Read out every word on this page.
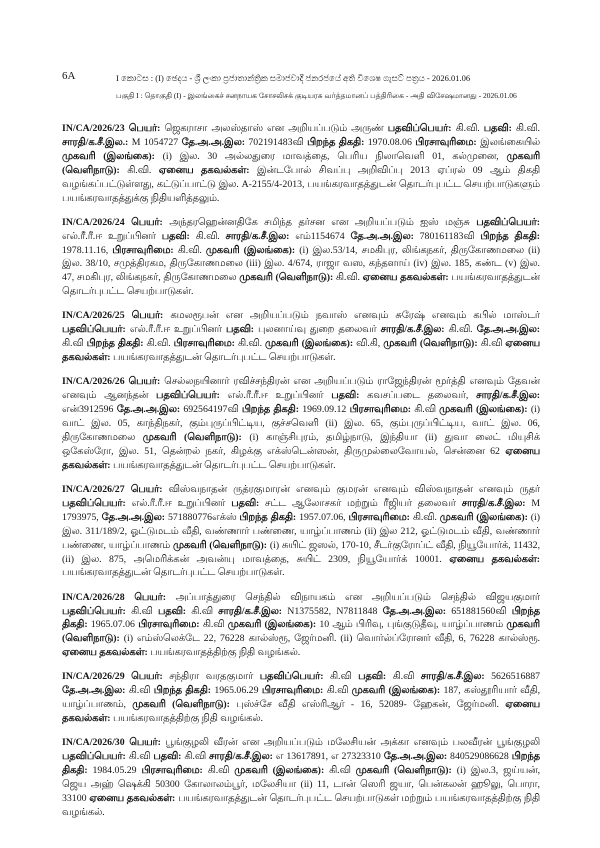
6A	I කොටස : (I) ඡෙදය - ශ්‍රී ලංකා ප්‍රජාතාන්ත්‍රික සමාජවාදී ජනරජයේ අති විශෙෂ ගැසට් පත්‍රය - 2026.01.06
பகுதி I : தொகுதி (I) - இலங்கைச் சனநாயக சோசலிசக் குடியரசு வர்த்தமானப் பத்திரிகை - அதி விசேஷமானது - 2026.01.06

IN/CA/2026/23 பெயர்: ஜெகராசா அலஸ்தாஸ் என அறியப்படும் அருண் பதவிப்பெயர்: கி.வி. பதவி: கி.வி. சாரதி/க.சீ.இல.: M 1054727 தே.அ.அ.இல: 702191483வி பிறந்த திகதி: 1970.08.06 பிரசாவுரிமை: இலங்கையில் முகவரி (இலங்கை): (i) இல. 30 அல்லதுரை மாவத்தை, பெரிய நிலாவெளி 01, கல்முனை, முகவரி (வெளிநாடு): கி.வி. ஏனைய தகவல்கள்: இன்டபோல் சிவப்பு அறிவிப்பு 2013 ஏப்ரல் 09 ஆம் திகதி வழங்கப்பட்டுள்ளது, கட்டுப்பாட்டு இல. A-2155/4-2013, பயங்கரவாதத்துடன் தொடர்புபட்ட செயற்பாடுகளும் பயங்கரவாதத்துக்கு நிதியளித்தலும்.

IN/CA/2026/24 பெயர்: அந்தரஹென்னதிகே சமிந்த தர்சன என அறியப்படும் ஐஸ் மஞ்சு பதவிப்பெயர்: எல்.ரீ.ரீ.ஈ உறுப்பினர் பதவி: கி.வி. சாரதி/க.சீ.இல: எம்1154674 தே.அ.அ.இல: 780161183வி பிறந்த திகதி: 1978.11.16, பிரசாவுரிமை: கி.வி. முகவரி (இலங்கை): (i) இல.53/14, சமகிபுர, லிங்கநகர், திருகோணமலை (ii) இல. 38/10, சமுத்திரகம, திருகோணமலை (iii) இல. 4/674, ராஜா வஸ, கந்தளாய் (iv) இல. 185, கண்ட (v) இல. 47, சமகிபுர, லிங்கநகர், திருகோணமலை முகவரி (வெளிநாடு): கி.வி. ஏனைய தகவல்கள்: பயங்கரவாதத்துடன் தொடர்புபட்ட செயற்பாடுகள்.

IN/CA/2026/25 பெயர்: கமலரூபன் என அறியப்படும் நவாஸ் எனவும் சுரேஷ் எனவும் கபில் மாஸ்டர் பதவிப்பெயர்: எல்.ரீ.ரீ.ஈ உறுப்பினர் பதவி: புலனாய்வு துறை தலைவர் சாரதி/க.சீ.இல: கி.வி. தே.அ.அ.இல: கி.வி பிறந்த திகதி: கி.வி. பிரசாவுரிமை: கி.வி. முகவரி (இலங்கை): வி.கி, முகவரி (வெளிநாடு): கி.வி ஏனைய தகவல்கள்: பயங்கரவாதத்துடன் தொடர்புபட்ட செயற்பாடுகள்.

IN/CA/2026/26 பெயர்: செல்லநயினார் ரவிச்சந்திரன் என அறியப்படும் ராஜேந்திரன் மூர்த்தி எனவும் தேவன் எனவும் ஆனந்தன் பதவிப்பெயர்: எல்.ரீ.ரீ.ஈ உறுப்பினர் பதவி: கவசப்படை தலைவர், சாரதி/க.சீ.இல: என்3912596 தே.அ.அ.இல: 692564197வி பிறந்த திகதி: 1969.09.12 பிரசாவுரிமை: கி.வி முகவரி (இலங்கை): (i) வாட் இல. 05, காந்திநகர், கும்புருப்பிட்டிய, குச்சவெளி (ii) இல. 65, கும்புருப்பிட்டிய, வாட் இல. 06, திருகோணமலை முகவரி (வெளிநாடு): (i) காஞ்சிபுரம், தமிழ்நாடு, இந்தியா (ii) துவா லைட் மியுசிக் ஒகேஸ்ரோ, இல. 51, தென்றல் நகர், கிழக்கு எக்ஸ்டென்ஸன், திருமுல்லைவோயல், சென்னை 62 ஏனைய தகவல்கள்: பயங்கரவாதத்துடன் தொடர்புபட்ட செயற்பாடுகள்.

IN/CA/2026/27 பெயர்: விஸ்வநாதன் ருத்ரகுமாரன் எனவும் குமரன் எனவும் விஸ்வநாதன் எனவும் ருதர் பதவிப்பெயர்: எல்.ரீ.ரீ.ஈ உறுப்பினர் பதவி: சட்ட ஆலோசகர் மற்றும் ரீஜியர் தலைவர் சாரதி/க.சீ.இல: M 1793975, தே.அ.அ.இல: 571880776எக்ஸ் பிறந்த திகதி: 1957.07.06, பிரசாவுரிமை: கி.வி. முகவரி (இலங்கை): (i) இல. 311/189/2, ஓட்டுமடம் வீதி, வண்ணார் பண்ணை, யாழ்ப்பாணம் (ii) இல 212, ஓட்டுமடம் வீதி, வண்ணார் பண்ணை, யாழ்ப்பாணம் முகவரி (வெளிநாடு): (i) சுயிட் ஜஸல், 170-10, சீடர்குரோப்ட் வீதி, நியூயோர்க், 11432, (ii) இல. 875, அமெரிக்கன் அவன்யு மாவத்தை, சுயிட் 2309, நியூயோர்க் 10001. ஏனைய தகவல்கள்: பயங்கரவாதத்துடன் தொடர்புபட்ட செயற்பாடுகள்.

IN/CA/2026/28 பெயர்: அப்பாத்துரை செந்தில் விநாயகம் என அறியப்படும் செந்தில் விஜயகுமார் பதவிப்பெயர்: கி.வி பதவி: கி.வி சாரதி/க.சீ.இல: N1375582, N7811848 தே.அ.அ.இல: 651881560வி பிறந்த திகதி: 1965.07.06 பிரசாவுரிமை: கி.வி முகவரி (இலங்கை): 10 ஆம் பிரிவு, புங்குடுதீவு, யாழ்ப்பாணம் முகவரி (வெளிநாடு): (i) எம்ஸ்லெக்டே 22, 76228 கால்ஸ்ரூ, ஜேர்மனி. (ii) வொர்ல்ப்ரோனர் வீதி, 6, 76228 கால்ஸ்ரூ. ஏனைய தகவல்கள்: பயங்கரவாதத்திற்கு நிதி வழங்கல்.

IN/CA/2026/29 பெயர்: சந்திரா வரதகுமார் பதவிப்பெயர்: கி.வி பதவி: கி.வி சாரதி/க.சீ.இல: 5626516887 தே.அ.அ.இல: கி.வி பிறந்த திகதி: 1965.06.29 பிரசாவுரிமை: கி.வி முகவரி (இலங்கை): 187, கஸ்தூரியார் வீதி, யாழ்ப்பாணம், முகவரி (வெளிநாடு): புஸ்ச்சே வீதி எஸ்ரிஆர் - 16, 52089- ஹேகன், ஜேர்மனி. ஏனைய தகவல்கள்: பயங்கரவாதத்திற்கு நிதி வழங்கல்.

IN/CA/2026/30 பெயர்: பூங்குழலி வீரன் என அறியப்படும் மலேசியன் அக்கா எனவும் பலவீரன் பூங்குழலி பதவிப்பெயர்: கி.வி பதவி: கி.வி சாரதி/க.சீ.இல: எ 13617891, எ 27323310 தே.அ.அ.இல: 840529086628 பிறந்த திகதி: 1984.05.29 பிரசாவுரிமை: கி.வி முகவரி (இலங்கை): கி.வி முகவரி (வெளிநாடு): (i) இல.3, ஜய்யன், ஜெய அஹ் ஷெக்கி 50300 கோலாலம்பூர், மலேசியா (ii) 11, டான் ஸெரி ஜயா, பென்கலன் ஹூலு, பொரா, 33100 ஏனைய தகவல்கள்: பயங்கரவாதத்துடன் தொடர்புபட்ட செயற்பாடுகள் மற்றும் பயங்கரவாதத்திற்கு நிதி வழங்கல்.
